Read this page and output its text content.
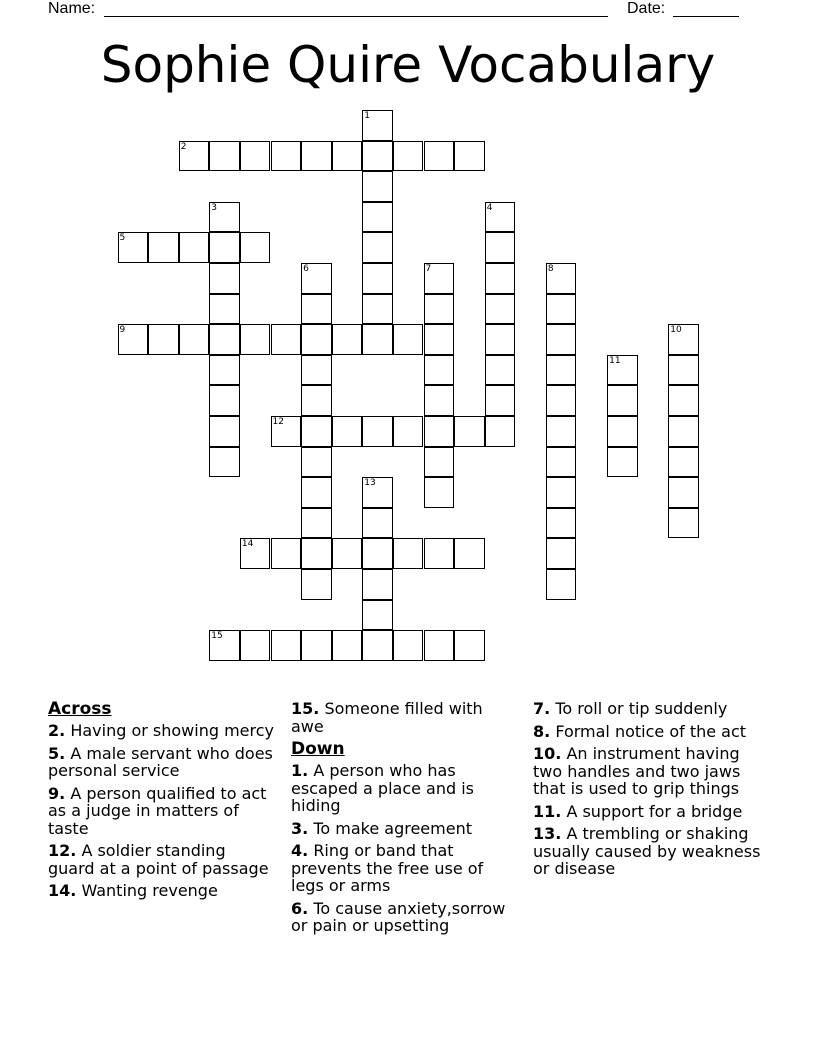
Name:	Date:
Sophie Quire Vocabulary
1
2
3	4
5
6	7	8
9	10
11
12
13
14
15
Across
2. Having or showing mercy
5. A male servant who does personal service
9. A person qualified to act as a judge in matters of taste
12. A soldier standing guard at a point of passage
14. Wanting revenge
15. Someone filled with awe
Down
1. A person who has escaped a place and is hiding
3. To make agreement
4. Ring or band that prevents the free use of legs or arms
6. To cause anxiety,sorrow or pain or upsetting
7. To roll or tip suddenly
8. Formal notice of the act
10. An instrument having two handles and two jaws that is used to grip things
11. A support for a bridge
13. A trembling or shaking usually caused by weakness or disease
